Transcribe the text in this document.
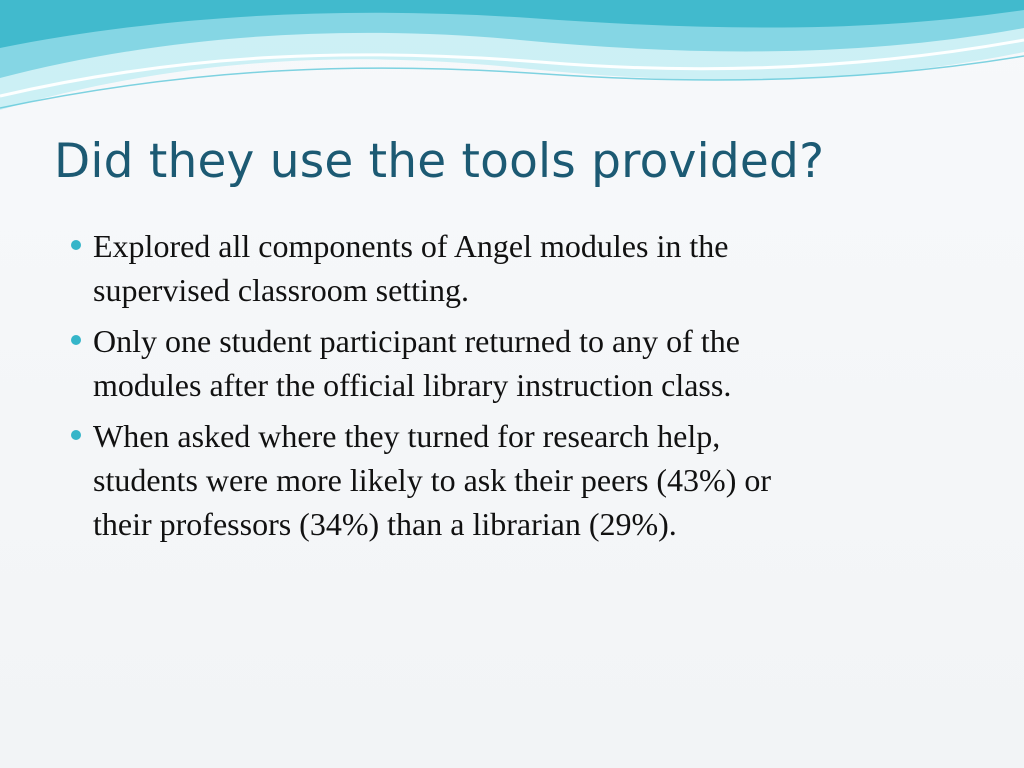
Did they use the tools provided?
Explored all components of Angel modules in the
supervised classroom setting.
Only one student participant returned to any of the
modules after the official library instruction class.
When asked where they turned for research help,
students were more likely to ask their peers (43%) or
their professors (34%) than a librarian (29%).
